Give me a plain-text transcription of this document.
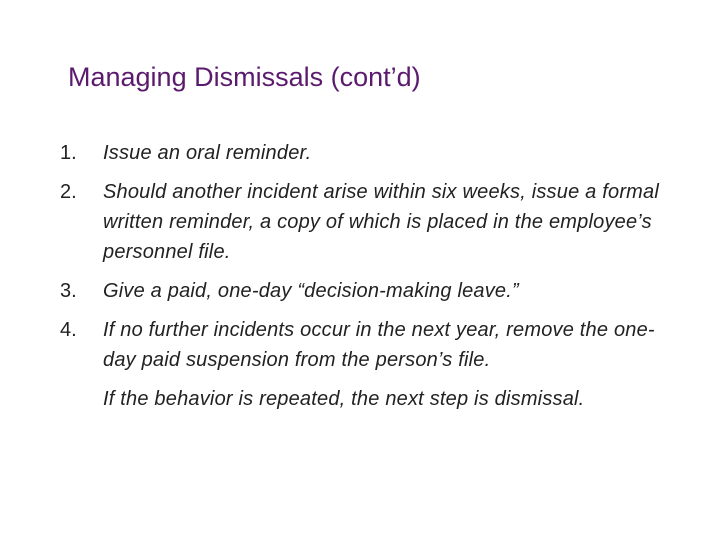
Managing Dismissals (cont’d)
1.	Issue an oral reminder.
2.	Should another incident arise within six weeks, issue a formal written reminder, a copy of which is placed in the employee’s personnel file.
3.	Give a paid, one-day “decision-making leave.”
4.	If no further incidents occur in the next year, remove the one-day paid suspension from the person’s file.
If the behavior is repeated, the next step is dismissal.
